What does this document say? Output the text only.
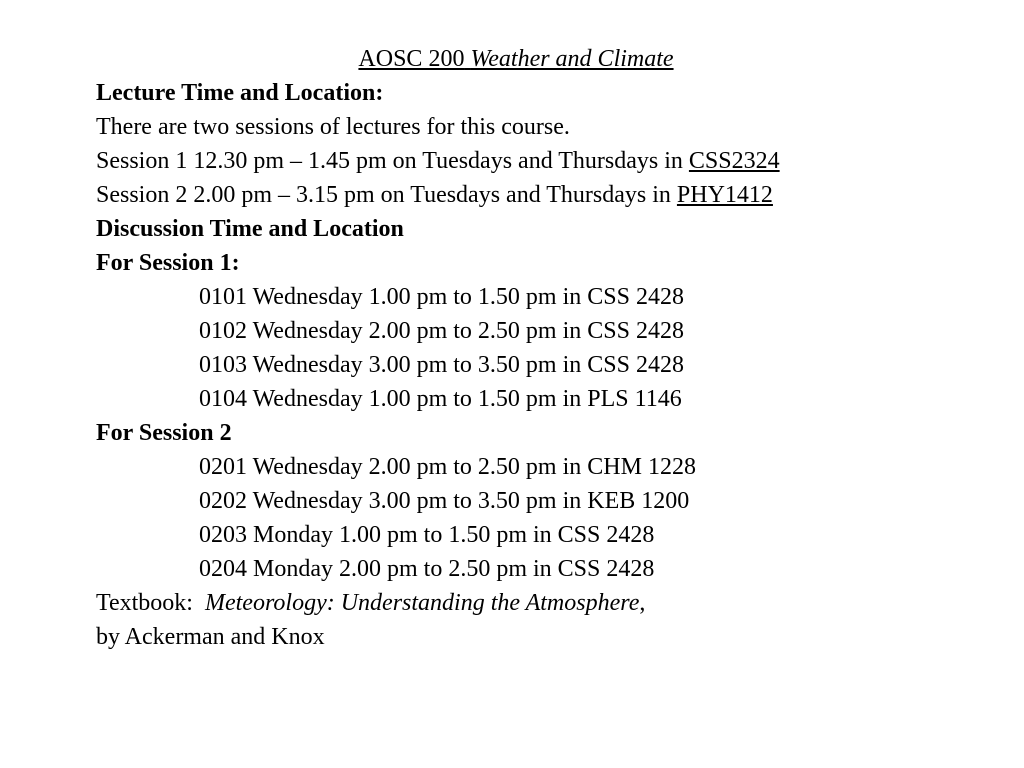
AOSC 200 Weather and Climate
Lecture Time and Location:
There are two sessions of lectures for this course.
Session 1 12.30 pm – 1.45 pm on Tuesdays and Thursdays in CSS2324
Session 2 2.00 pm – 3.15 pm on Tuesdays and Thursdays in PHY1412
Discussion Time and Location
For Session 1:
0101 Wednesday 1.00 pm to 1.50 pm in CSS 2428
0102 Wednesday 2.00 pm to 2.50 pm in CSS 2428
0103 Wednesday 3.00 pm to 3.50 pm in CSS 2428
0104 Wednesday 1.00 pm to 1.50 pm in PLS 1146
For Session 2
0201 Wednesday 2.00 pm to 2.50 pm in CHM 1228
0202 Wednesday 3.00 pm to 3.50 pm in KEB 1200
0203 Monday 1.00 pm to 1.50 pm in CSS 2428
0204 Monday 2.00 pm to 2.50 pm in CSS 2428
Textbook: Meteorology: Understanding the Atmosphere,
by Ackerman and Knox
